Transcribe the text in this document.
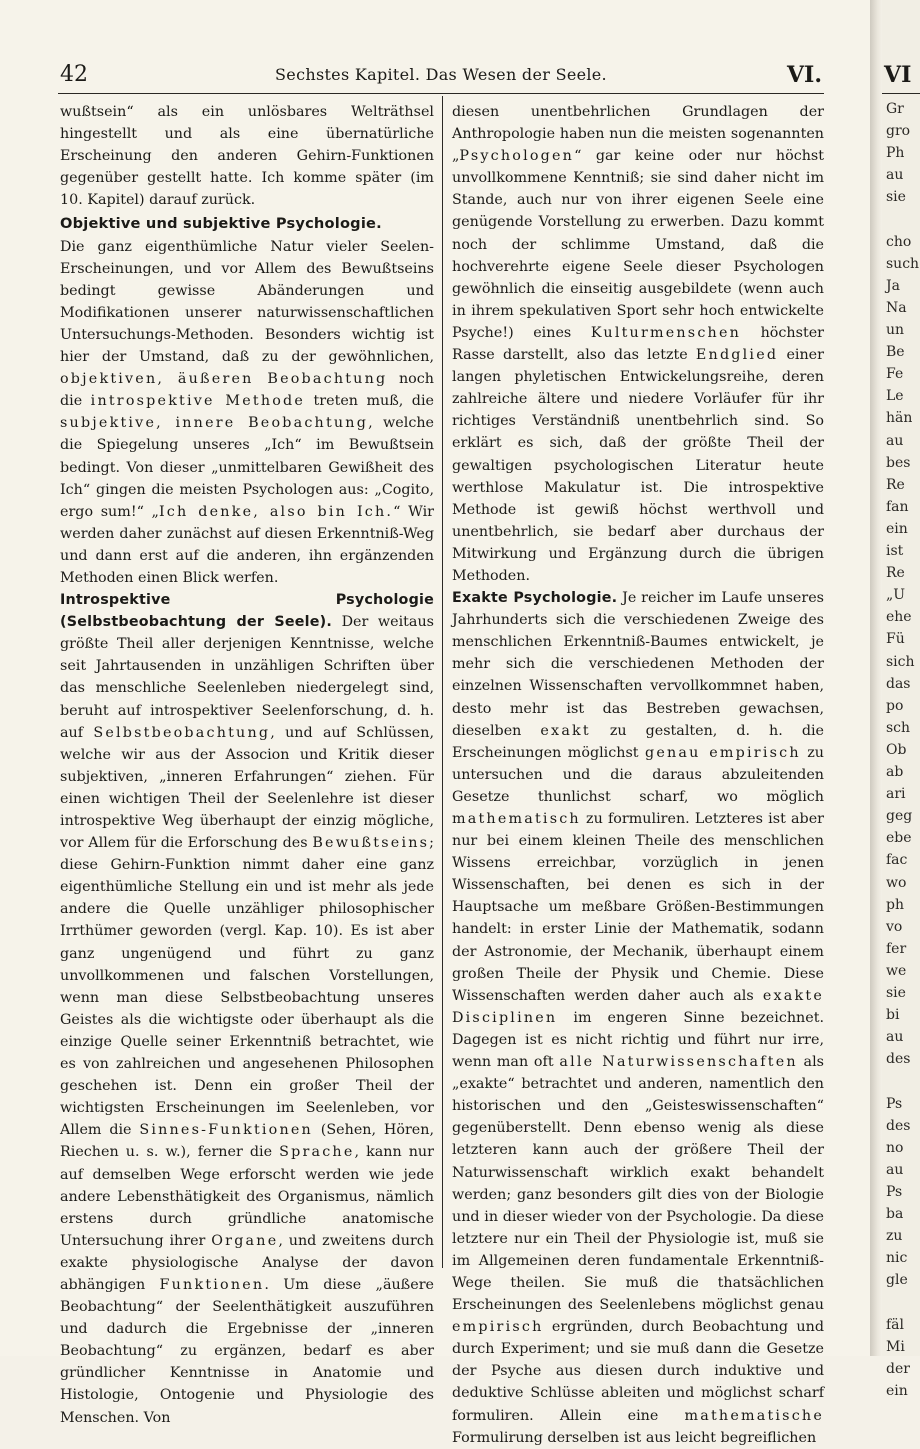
42	Sechstes Kapitel. Das Wesen der Seele.	VI.

wußtsein“ als ein unlösbares Welträthsel hingestellt und als eine übernatürliche Erscheinung den anderen Gehirn-Funktionen gegenüber gestellt hatte. Ich komme später (im 10. Kapitel) darauf zurück.

Objektive und subjektive Psychologie.

Die ganz eigenthümliche Natur vieler Seelen-Erscheinungen, und vor Allem des Bewußtseins bedingt gewisse Abänderungen und Modifikationen unserer naturwissenschaftlichen Untersuchungs-Methoden. Besonders wichtig ist hier der Umstand, daß zu der gewöhnlichen, objektiven, äußeren Beobachtung noch die introspektive Methode treten muß, die subjektive, innere Beobachtung, welche die Spiegelung unseres „Ich“ im Bewußtsein bedingt. Von dieser „unmittelbaren Gewißheit des Ich“ gingen die meisten Psychologen aus: „Cogito, ergo sum!“ „Ich denke, also bin Ich.“ Wir werden daher zunächst auf diesen Erkenntniß-Weg und dann erst auf die anderen, ihn ergänzenden Methoden einen Blick werfen.

Introspektive Psychologie (Selbstbeobachtung der Seele). Der weitaus größte Theil aller derjenigen Kenntnisse, welche seit Jahrtausenden in unzähligen Schriften über das menschliche Seelenleben niedergelegt sind, beruht auf introspektiver Seelenforschung, d. h. auf Selbstbeobachtung, und auf Schlüssen, welche wir aus der Associon und Kritik dieser subjektiven, „inneren Erfahrungen“ ziehen. Für einen wichtigen Theil der Seelenlehre ist dieser introspektive Weg überhaupt der einzig mögliche, vor Allem für die Erforschung des Bewußtseins; diese Gehirn-Funktion nimmt daher eine ganz eigenthümliche Stellung ein und ist mehr als jede andere die Quelle unzähliger philosophischer Irrthümer geworden (vergl. Kap. 10). Es ist aber ganz ungenügend und führt zu ganz unvollkommenen und falschen Vorstellungen, wenn man diese Selbstbeobachtung unseres Geistes als die wichtigste oder überhaupt als die einzige Quelle seiner Erkenntniß betrachtet, wie es von zahlreichen und angesehenen Philosophen geschehen ist. Denn ein großer Theil der wichtigsten Erscheinungen im Seelenleben, vor Allem die Sinnes-Funktionen (Sehen, Hören, Riechen u. s. w.), ferner die Sprache, kann nur auf demselben Wege erforscht werden wie jede andere Lebensthätigkeit des Organismus, nämlich erstens durch gründliche anatomische Untersuchung ihrer Organe, und zweitens durch exakte physiologische Analyse der davon abhängigen Funktionen. Um diese „äußere Beobachtung“ der Seelenthätigkeit auszuführen und dadurch die Ergebnisse der „inneren Beobachtung“ zu ergänzen, bedarf es aber gründlicher Kenntnisse in Anatomie und Histologie, Ontogenie und Physiologie des Menschen. Von

diesen unentbehrlichen Grundlagen der Anthropologie haben nun die meisten sogenannten „Psychologen“ gar keine oder nur höchst unvollkommene Kenntniß; sie sind daher nicht im Stande, auch nur von ihrer eigenen Seele eine genügende Vorstellung zu erwerben. Dazu kommt noch der schlimme Umstand, daß die hochverehrte eigene Seele dieser Psychologen gewöhnlich die einseitig ausgebildete (wenn auch in ihrem spekulativen Sport sehr hoch entwickelte Psyche!) eines Kulturmenschen höchster Rasse darstellt, also das letzte Endglied einer langen phyletischen Entwickelungsreihe, deren zahlreiche ältere und niedere Vorläufer für ihr richtiges Verständniß unentbehrlich sind. So erklärt es sich, daß der größte Theil der gewaltigen psychologischen Literatur heute werthlose Makulatur ist. Die introspektive Methode ist gewiß höchst werthvoll und unentbehrlich, sie bedarf aber durchaus der Mitwirkung und Ergänzung durch die übrigen Methoden.

Exakte Psychologie. Je reicher im Laufe unseres Jahrhunderts sich die verschiedenen Zweige des menschlichen Erkenntniß-Baumes entwickelt, je mehr sich die verschiedenen Methoden der einzelnen Wissenschaften vervollkommnet haben, desto mehr ist das Bestreben gewachsen, dieselben exakt zu gestalten, d. h. die Erscheinungen möglichst genau empirisch zu untersuchen und die daraus abzuleitenden Gesetze thunlichst scharf, wo möglich mathematisch zu formuliren. Letzteres ist aber nur bei einem kleinen Theile des menschlichen Wissens erreichbar, vorzüglich in jenen Wissenschaften, bei denen es sich in der Hauptsache um meßbare Größen-Bestimmungen handelt: in erster Linie der Mathematik, sodann der Astronomie, der Mechanik, überhaupt einem großen Theile der Physik und Chemie. Diese Wissenschaften werden daher auch als exakte Disciplinen im engeren Sinne bezeichnet. Dagegen ist es nicht richtig und führt nur irre, wenn man oft alle Naturwissenschaften als „exakte“ betrachtet und anderen, namentlich den historischen und den „Geisteswissenschaften“ gegenüberstellt. Denn ebenso wenig als diese letzteren kann auch der größere Theil der Naturwissenschaft wirklich exakt behandelt werden; ganz besonders gilt dies von der Biologie und in dieser wieder von der Psychologie. Da diese letztere nur ein Theil der Physiologie ist, muß sie im Allgemeinen deren fundamentale Erkenntniß-Wege theilen. Sie muß die thatsächlichen Erscheinungen des Seelenlebens möglichst genau empirisch ergründen, durch Beobachtung und durch Experiment; und sie muß dann die Gesetze der Psyche aus diesen durch induktive und deduktive Schlüsse ableiten und möglichst scharf formuliren. Allein eine mathematische Formulirung derselben ist aus leicht begreiflichen

VI
Gr
gro
Ph
au
sie
cho
such
Ja
Na
un
Be
Fe
Le
hän
au
bes
Re
fan
ein
ist
Re
„U
ehe
Fü
sich
das
po
sch
Ob
ab
ari
geg
ebe
fac
wo
ph
vo
fer
we
sie
bi
au
des
Ps
des
no
au
Ps
ba
zu
nic
gle
fäl
Mi
der
ein
